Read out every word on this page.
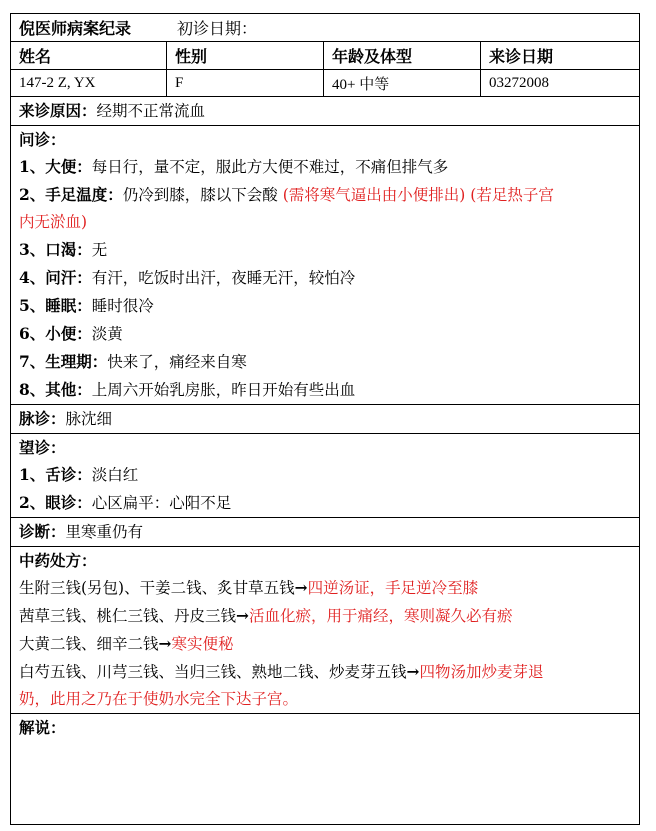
倪医师病案纪录	初诊日期：
姓名	性别	年龄及体型	来诊日期
147-2 Z, YX	F	40+ 中等	03272008
来诊原因：经期不正常流血
问诊：
1、大便：每日行，量不定，服此方大便不难过，不痛但排气多
2、手足温度：仍冷到膝，膝以下会酸 (需将寒气逼出由小便排出) (若足热子宫
内无淤血)
3、口渴：无
4、问汗：有汗，吃饭时出汗，夜睡无汗，较怕冷
5、睡眠：睡时很冷
6、小便：淡黄
7、生理期：快来了，痛经来自寒
8、其他：上周六开始乳房胀，昨日开始有些出血
脉诊：脉沈细
望诊：
1、舌诊：淡白红
2、眼诊：心区扁平：心阳不足
诊断：里寒重仍有
中药处方：
生附三钱(另包)、干姜二钱、炙甘草五钱→四逆汤证，手足逆冷至膝
茜草三钱、桃仁三钱、丹皮三钱→活血化瘀，用于痛经，寒则凝久必有瘀
大黄二钱、细辛二钱→寒实便秘
白芍五钱、川芎三钱、当归三钱、熟地二钱、炒麦芽五钱→四物汤加炒麦芽退
奶，此用之乃在于使奶水完全下达子宫。
解说：
